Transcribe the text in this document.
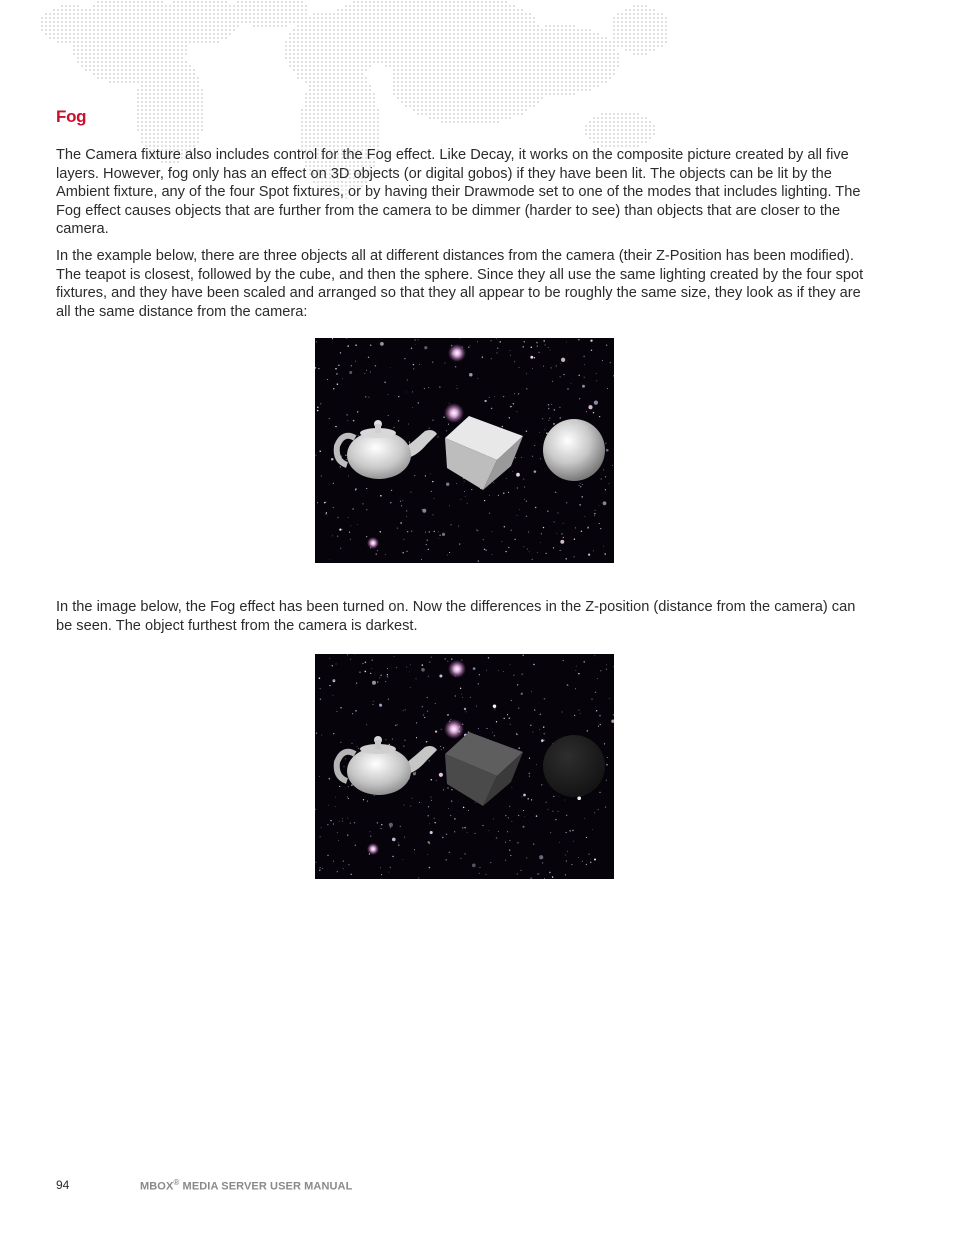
Fog

The Camera fixture also includes control for the Fog effect. Like Decay, it works on the composite picture created by all five layers. However, fog only has an effect on 3D objects (or digital gobos) if they have been lit. The objects can be lit by the Ambient fixture, any of the four Spot fixtures, or by having their Drawmode set to one of the modes that includes lighting. The Fog effect causes objects that are further from the camera to be dimmer (harder to see) than objects that are closer to the camera.

In the example below, there are three objects all at different distances from the camera (their Z-Position has been modified). The teapot is closest, followed by the cube, and then the sphere. Since they all use the same lighting created by the four spot fixtures, and they have been scaled and arranged so that they all appear to be roughly the same size, they look as if they are all the same distance from the camera:

In the image below, the Fog effect has been turned on. Now the differences in the Z-position (distance from the camera) can be seen. The object furthest from the camera is darkest.

94	MBOX® MEDIA SERVER USER MANUAL
